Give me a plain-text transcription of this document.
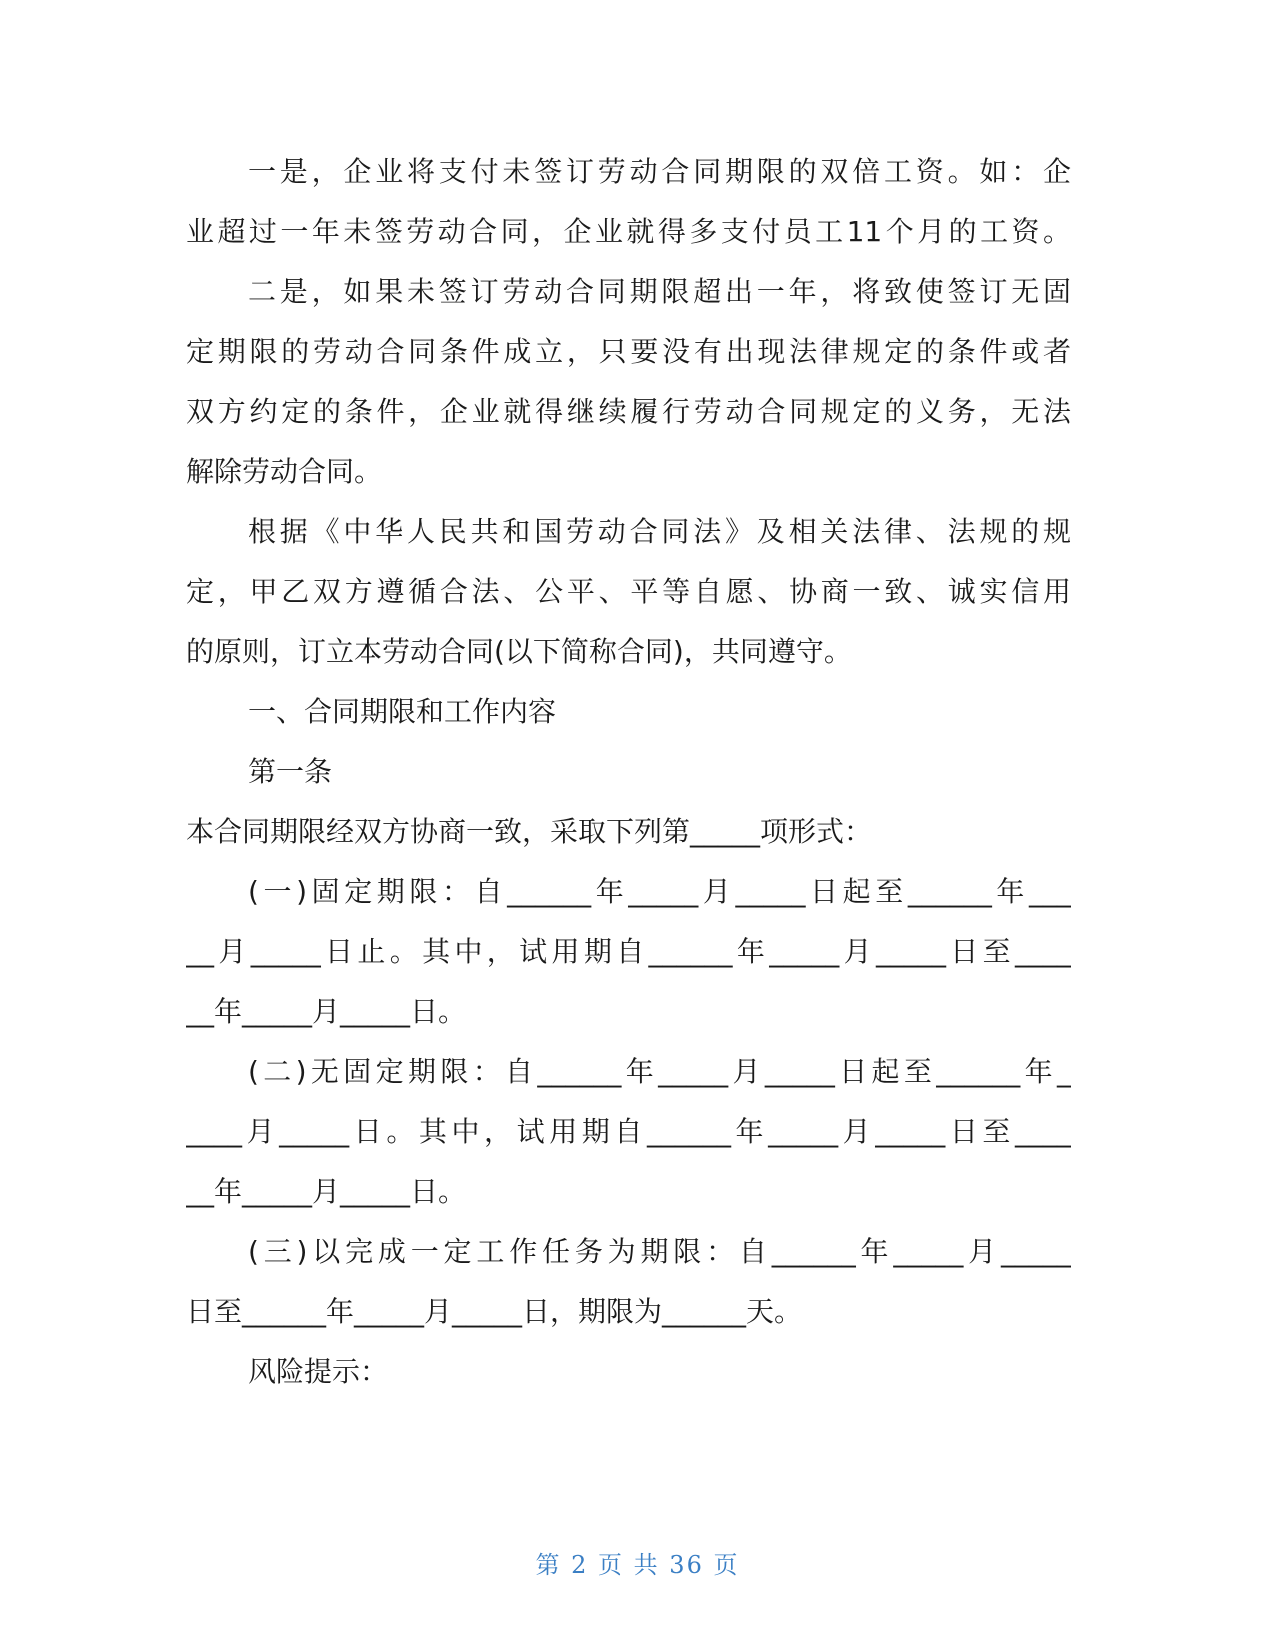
一是，企业将支付未签订劳动合同期限的双倍工资。如：企
业超过一年未签劳动合同，企业就得多支付员工11个月的工资。
二是，如果未签订劳动合同期限超出一年，将致使签订无固
定期限的劳动合同条件成立，只要没有出现法律规定的条件或者
双方约定的条件，企业就得继续履行劳动合同规定的义务，无法
解除劳动合同。
根据《中华人民共和国劳动合同法》及相关法律、法规的规
定，甲乙双方遵循合法、公平、平等自愿、协商一致、诚实信用
的原则，订立本劳动合同(以下简称合同)，共同遵守。
一、合同期限和工作内容
第一条
本合同期限经双方协商一致，采取下列第_____项形式：
(一)固定期限：自______年_____月_____日起至______年___
__月_____日止。其中，试用期自______年_____月_____日至____
__年_____月_____日。
(二)无固定期限：自______年_____月_____日起至______年_
____月_____日。其中，试用期自______年_____月_____日至____
__年_____月_____日。
(三)以完成一定工作任务为期限：自______年_____月_____
日至______年_____月_____日，期限为______天。
风险提示：
第 2 页 共 36 页
